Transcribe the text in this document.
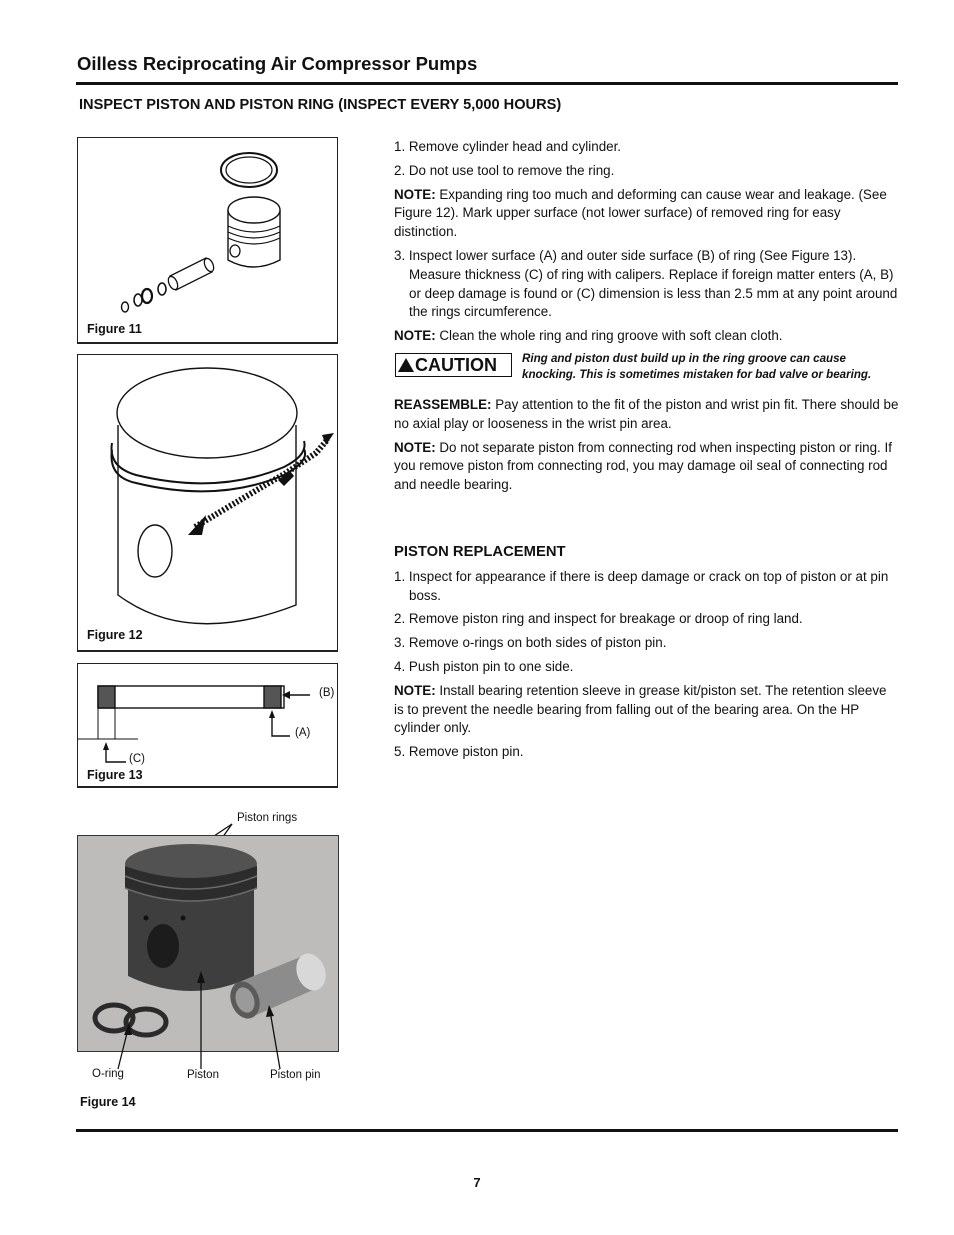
Oilless Reciprocating Air Compressor Pumps
INSPECT PISTON AND PISTON RING (INSPECT EVERY 5,000 HOURS)
Figure 11
Figure 12
(B)
(A)
(C)
Figure 13
Piston rings
O-ring	Piston	Piston pin
Figure 14

1. Remove cylinder head and cylinder.

2. Do not use tool to remove the ring.

NOTE: Expanding ring too much and deforming can cause wear and leakage. (See Figure 12). Mark upper surface (not lower surface) of removed ring for easy distinction.

3. Inspect lower surface (A) and outer side surface (B) of ring (See Figure 13). Measure thickness (C) of ring with calipers. Replace if foreign matter enters (A, B) or deep damage is found or (C) dimension is less than 2.5 mm at any point around the rings circumference.

NOTE: Clean the whole ring and ring groove with soft clean cloth.

CAUTION	Ring and piston dust build up in the ring groove can cause knocking. This is sometimes mistaken for bad valve or bearing.

REASSEMBLE: Pay attention to the fit of the piston and wrist pin fit. There should be no axial play or looseness in the wrist pin area.

NOTE: Do not separate piston from connecting rod when inspecting piston or ring. If you remove piston from connecting rod, you may damage oil seal of connecting rod and needle bearing.

PISTON REPLACEMENT

1. Inspect for appearance if there is deep damage or crack on top of piston or at pin boss.

2. Remove piston ring and inspect for breakage or droop of ring land.

3. Remove o-rings on both sides of piston pin.

4. Push piston pin to one side.

NOTE: Install bearing retention sleeve in grease kit/piston set. The retention sleeve is to prevent the needle bearing from falling out of the bearing area. On the HP cylinder only.

5. Remove piston pin.

7
